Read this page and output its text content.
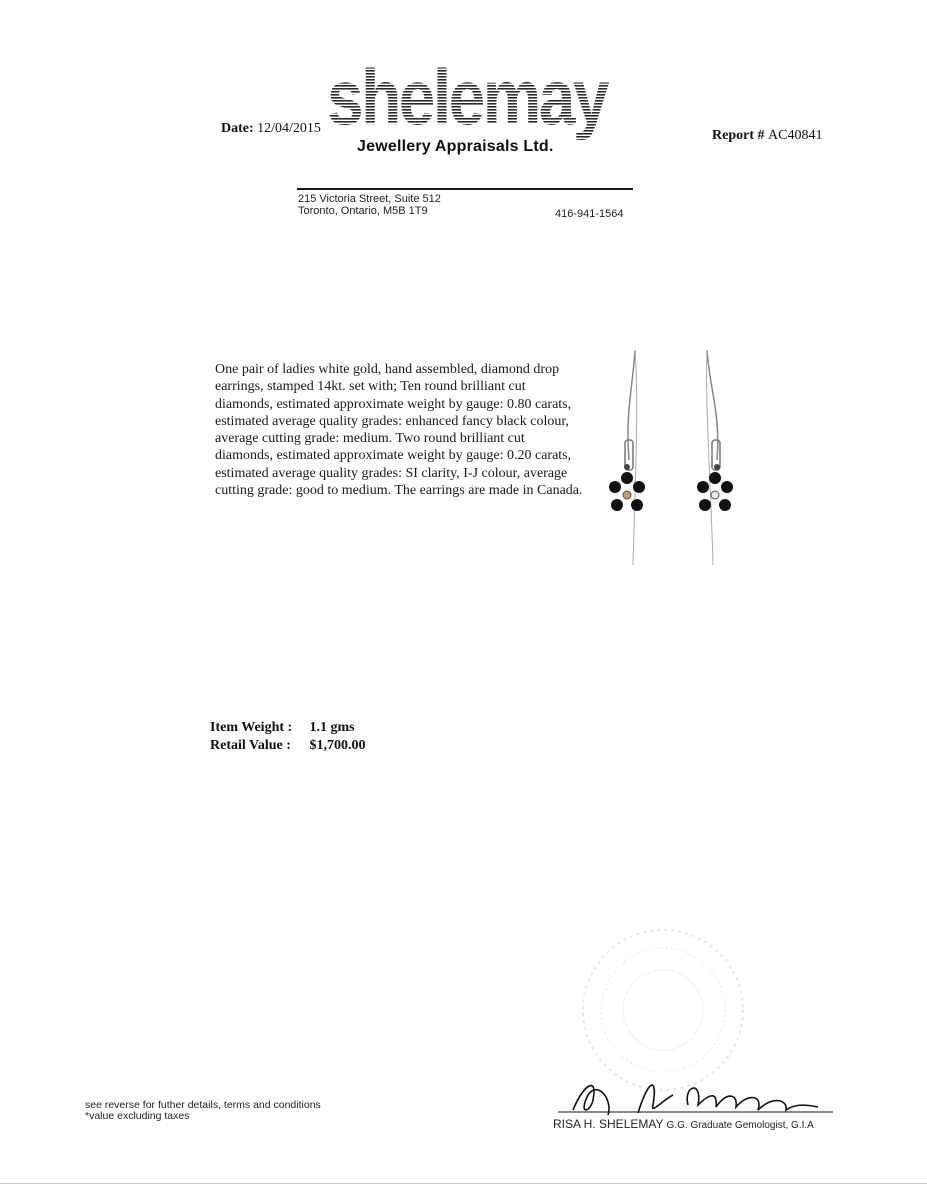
Date: 12/04/2015 shelemay
Jewellery Appraisals Ltd.
Report # AC40841
215 Victoria Street, Suite 512
Toronto, Ontario, M5B 1T9	416-941-1564
One pair of ladies white gold, hand assembled, diamond drop earrings, stamped 14kt. set with; Ten round brilliant cut diamonds, estimated approximate weight by gauge: 0.80 carats, estimated average quality grades: enhanced fancy black colour, average cutting grade: medium. Two round brilliant cut diamonds, estimated approximate weight by gauge: 0.20 carats, estimated average quality grades: SI clarity, I-J colour, average cutting grade: good to medium. The earrings are made in Canada.
Item Weight : 1.1 gms
Retail Value : $1,700.00
see reverse for futher details, terms and conditions
*value excluding taxes
RISA H. SHELEMAY G.G. Graduate Gemologist, G.I.A
